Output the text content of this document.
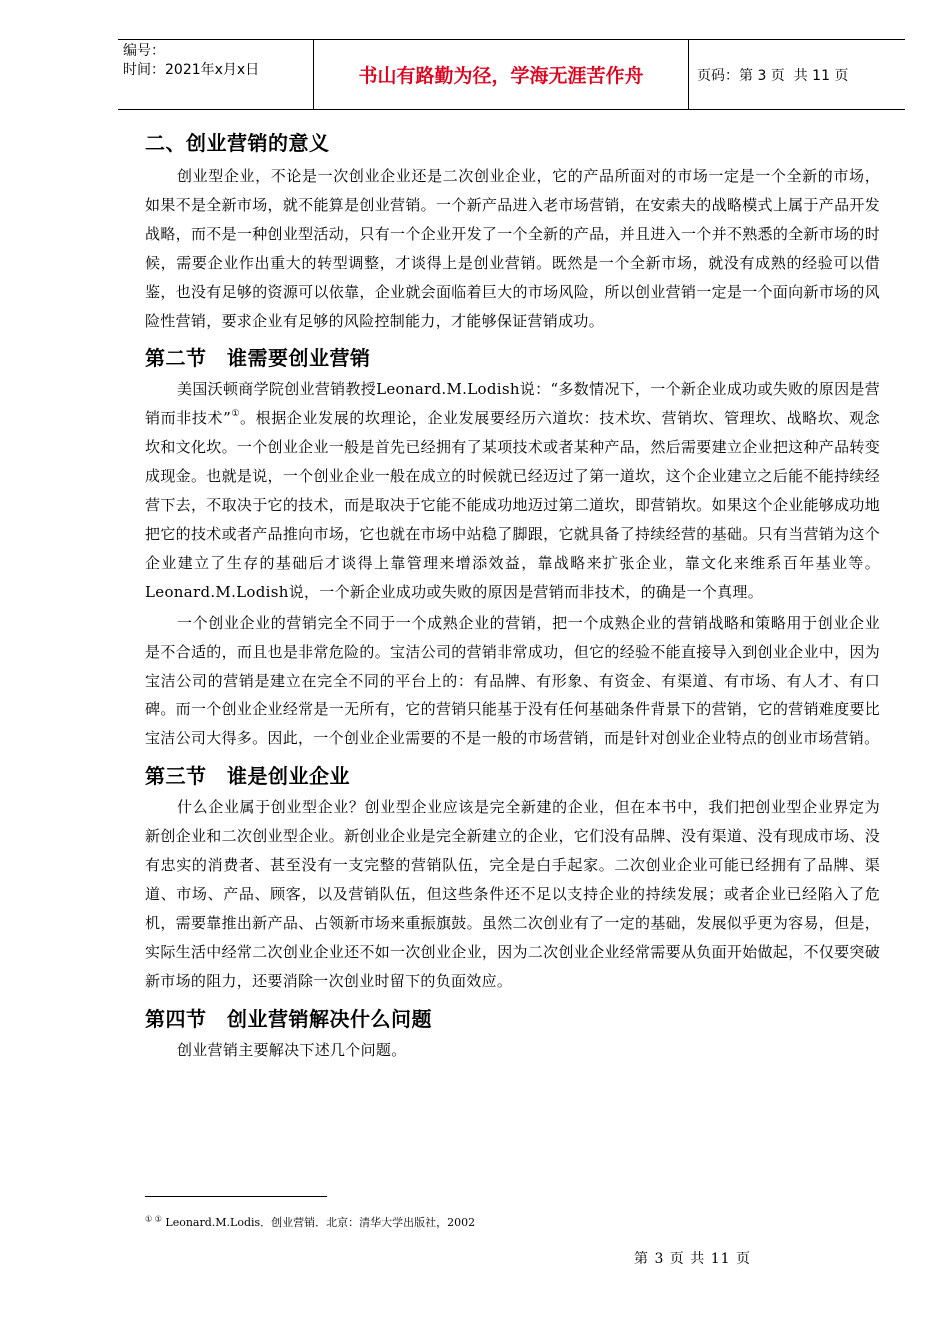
编号：
时间：2021年x月x日	书山有路勤为径，学海无涯苦作舟	页码：第 3 页  共 11 页
二、创业营销的意义

创业型企业，不论是一次创业企业还是二次创业企业，它的产品所面对的市场一定是一个全新的市场，如果不是全新市场，就不能算是创业营销。一个新产品进入老市场营销，在安索夫的战略模式上属于产品开发战略，而不是一种创业型活动，只有一个企业开发了一个全新的产品，并且进入一个并不熟悉的全新市场的时候，需要企业作出重大的转型调整，才谈得上是创业营销。既然是一个全新市场，就没有成熟的经验可以借鉴，也没有足够的资源可以依靠，企业就会面临着巨大的市场风险，所以创业营销一定是一个面向新市场的风险性营销，要求企业有足够的风险控制能力，才能够保证营销成功。

第二节　谁需要创业营销

美国沃顿商学院创业营销教授Leonard.M.Lodish说：“多数情况下，一个新企业成功或失败的原因是营销而非技术”①。根据企业发展的坎理论，企业发展要经历六道坎：技术坎、营销坎、管理坎、战略坎、观念坎和文化坎。一个创业企业一般是首先已经拥有了某项技术或者某种产品，然后需要建立企业把这种产品转变成现金。也就是说，一个创业企业一般在成立的时候就已经迈过了第一道坎，这个企业建立之后能不能持续经营下去，不取决于它的技术，而是取决于它能不能成功地迈过第二道坎，即营销坎。如果这个企业能够成功地把它的技术或者产品推向市场，它也就在市场中站稳了脚跟，它就具备了持续经营的基础。只有当营销为这个企业建立了生存的基础后才谈得上靠管理来增添效益，靠战略来扩张企业，靠文化来维系百年基业等。Leonard.M.Lodish说，一个新企业成功或失败的原因是营销而非技术，的确是一个真理。

一个创业企业的营销完全不同于一个成熟企业的营销，把一个成熟企业的营销战略和策略用于创业企业是不合适的，而且也是非常危险的。宝洁公司的营销非常成功，但它的经验不能直接导入到创业企业中，因为宝洁公司的营销是建立在完全不同的平台上的：有品牌、有形象、有资金、有渠道、有市场、有人才、有口碑。而一个创业企业经常是一无所有，它的营销只能基于没有任何基础条件背景下的营销，它的营销难度要比宝洁公司大得多。因此，一个创业企业需要的不是一般的市场营销，而是针对创业企业特点的创业市场营销。

第三节　谁是创业企业

什么企业属于创业型企业？创业型企业应该是完全新建的企业，但在本书中，我们把创业型企业界定为新创企业和二次创业型企业。新创业企业是完全新建立的企业，它们没有品牌、没有渠道、没有现成市场、没有忠实的消费者、甚至没有一支完整的营销队伍，完全是白手起家。二次创业企业可能已经拥有了品牌、渠道、市场、产品、顾客，以及营销队伍，但这些条件还不足以支持企业的持续发展；或者企业已经陷入了危机，需要靠推出新产品、占领新市场来重振旗鼓。虽然二次创业有了一定的基础，发展似乎更为容易，但是，实际生活中经常二次创业企业还不如一次创业企业，因为二次创业企业经常需要从负面开始做起，不仅要突破新市场的阻力，还要消除一次创业时留下的负面效应。

第四节　创业营销解决什么问题

创业营销主要解决下述几个问题。

① ① Leonard.M.Lodis．创业营销．北京：清华大学出版社，2002
第 3 页 共 11 页
